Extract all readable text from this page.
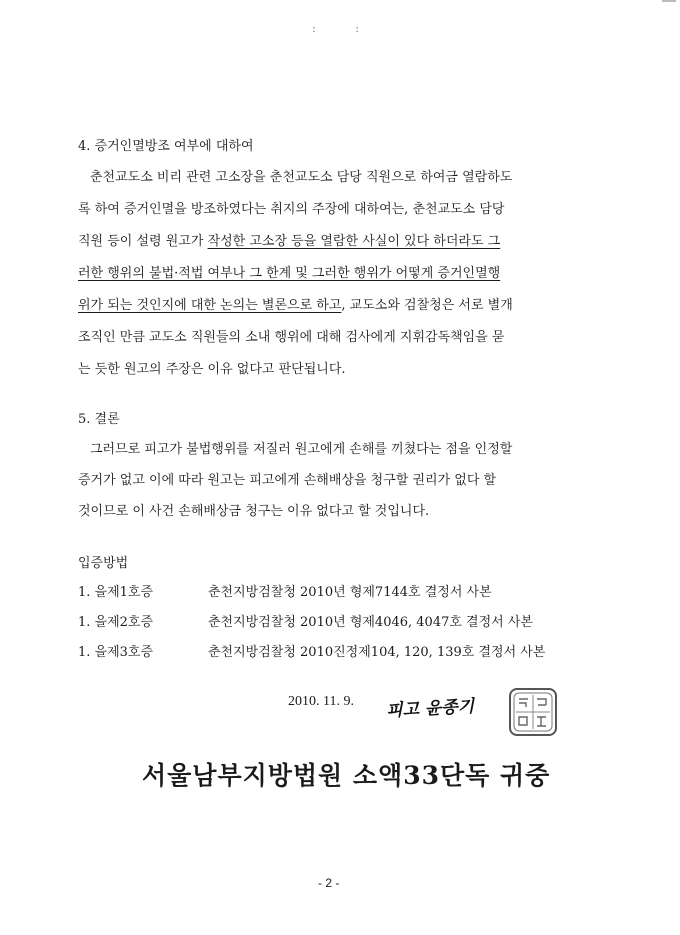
: :
4. 증거인멸방조 여부에 대하여
춘천교도소 비리 관련 고소장을 춘천교도소 담당 직원으로 하여금 열람하도
록 하여 증거인멸을 방조하였다는 취지의 주장에 대하여는, 춘천교도소 담당
직원 등이 설령 원고가 작성한 고소장 등을 열람한 사실이 있다 하더라도 그
러한 행위의 불법·적법 여부나 그 한계 및 그러한 행위가 어떻게 증거인멸행
위가 되는 것인지에 대한 논의는 별론으로 하고, 교도소와 검찰청은 서로 별개
조직인 만큼 교도소 직원들의 소내 행위에 대해 검사에게 지휘감독책임을 묻
는 듯한 원고의 주장은 이유 없다고 판단됩니다.
5. 결론
그러므로 피고가 불법행위를 저질러 원고에게 손해를 끼쳤다는 점을 인정할
증거가 없고 이에 따라 원고는 피고에게 손해배상을 청구할 권리가 없다 할
것이므로 이 사건 손해배상금 청구는 이유 없다고 할 것입니다.
입증방법
1. 을제1호증	춘천지방검찰청 2010년 형제7144호 결정서 사본
1. 을제2호증	춘천지방검찰청 2010년 형제4046, 4047호 결정서 사본
1. 을제3호증	춘천지방검찰청 2010진정제104, 120, 139호 결정서 사본
2010. 11. 9. 피고 윤종기
서울남부지방법원 소액33단독 귀중
- 2 -
